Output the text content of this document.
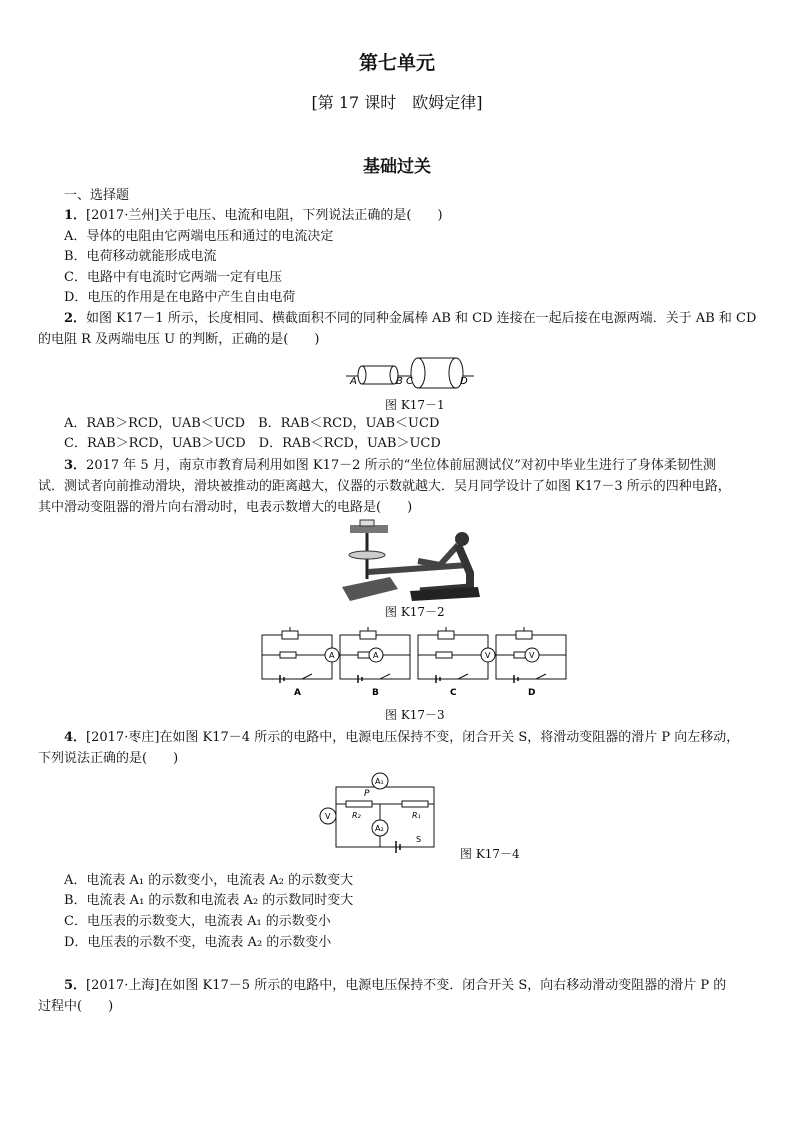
第七单元
[第 17 课时　欧姆定律]
基础过关
一、选择题
1．[2017·兰州]关于电压、电流和电阻，下列说法正确的是(　　)
A．导体的电阻由它两端电压和通过的电流决定
B．电荷移动就能形成电流
C．电路中有电流时它两端一定有电压
D．电压的作用是在电路中产生自由电荷
2．如图 K17－1 所示，长度相同、横截面积不同的同种金属棒 AB 和 CD 连接在一起后接在电源两端．关于 AB 和 CD
的电阻 R 及两端电压 U 的判断，正确的是(　　)
A	B C	D
图 K17－1
A．RAB＞RCD，UAB＜UCD　B．RAB＜RCD，UAB＜UCD
C．RAB＞RCD，UAB＞UCD　D．RAB＜RCD，UAB＞UCD
3．2017 年 5 月，南京市教育局利用如图 K17－2 所示的“坐位体前屈测试仪”对初中毕业生进行了身体柔韧性测
试．测试者向前推动滑块，滑块被推动的距离越大，仪器的示数就越大．吴月同学设计了如图 K17－3 所示的四种电路，
其中滑动变阻器的滑片向右滑动时，电表示数增大的电路是(　　)
图 K17－2
A
A
A
B
V
C
V
D
图 K17－3
4．[2017·枣庄]在如图 K17－4 所示的电路中，电源电压保持不变，闭合开关 S，将滑动变阻器的滑片 P 向左移动，
下列说法正确的是(　　)
A₁
V
P
R₂	R₁
A₂
S
图 K17－4
A．电流表 A₁ 的示数变小，电流表 A₂ 的示数变大
B．电流表 A₁ 的示数和电流表 A₂ 的示数同时变大
C．电压表的示数变大，电流表 A₁ 的示数变小
D．电压表的示数不变，电流表 A₂ 的示数变小
5．[2017·上海]在如图 K17－5 所示的电路中，电源电压保持不变．闭合开关 S，向右移动滑动变阻器的滑片 P 的
过程中(　　)
